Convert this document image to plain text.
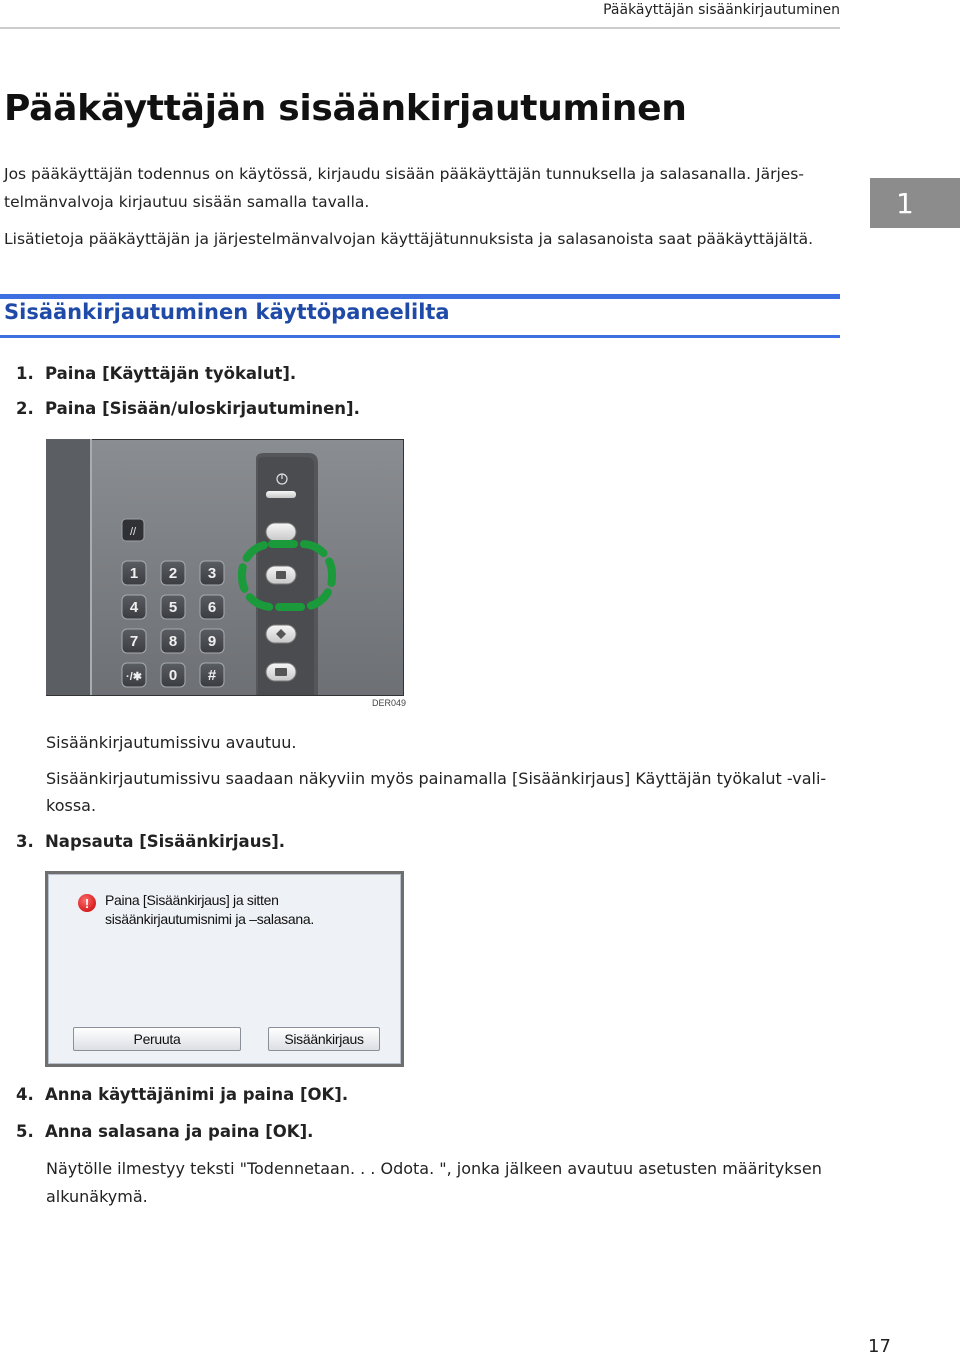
Pääkäyttäjän sisäänkirjautuminen
Pääkäyttäjän sisäänkirjautuminen

Jos pääkäyttäjän todennus on käytössä, kirjaudu sisään pääkäyttäjän tunnuksella ja salasanalla. Järjes-

telmänvalvoja kirjautuu sisään samalla tavalla.

Lisätietoja pääkäyttäjän ja järjestelmänvalvojan käyttäjätunnuksista ja salasanoista saat pääkäyttäjältä.

1
Sisäänkirjautuminen käyttöpaneelilta
1. Paina [Käyttäjän työkalut].
2. Paina [Sisään/uloskirjautuminen].
//
1 2 3
4 5 6
7 8 9
·/✱ 0 #
DER049
Sisäänkirjautumissivu avautuu.
Sisäänkirjautumissivu saadaan näkyviin myös painamalla [Sisäänkirjaus] Käyttäjän työkalut -vali-
kossa.
3. Napsauta [Sisäänkirjaus].
!	Paina [Sisäänkirjaus] ja sitten
sisäänkirjautumisnimi ja –salasana.
Peruuta	Sisäänkirjaus
4. Anna käyttäjänimi ja paina [OK].
5. Anna salasana ja paina [OK].
Näytölle ilmestyy teksti "Todennetaan. . . Odota. ", jonka jälkeen avautuu asetusten määrityksen
alkunäkymä.
17
